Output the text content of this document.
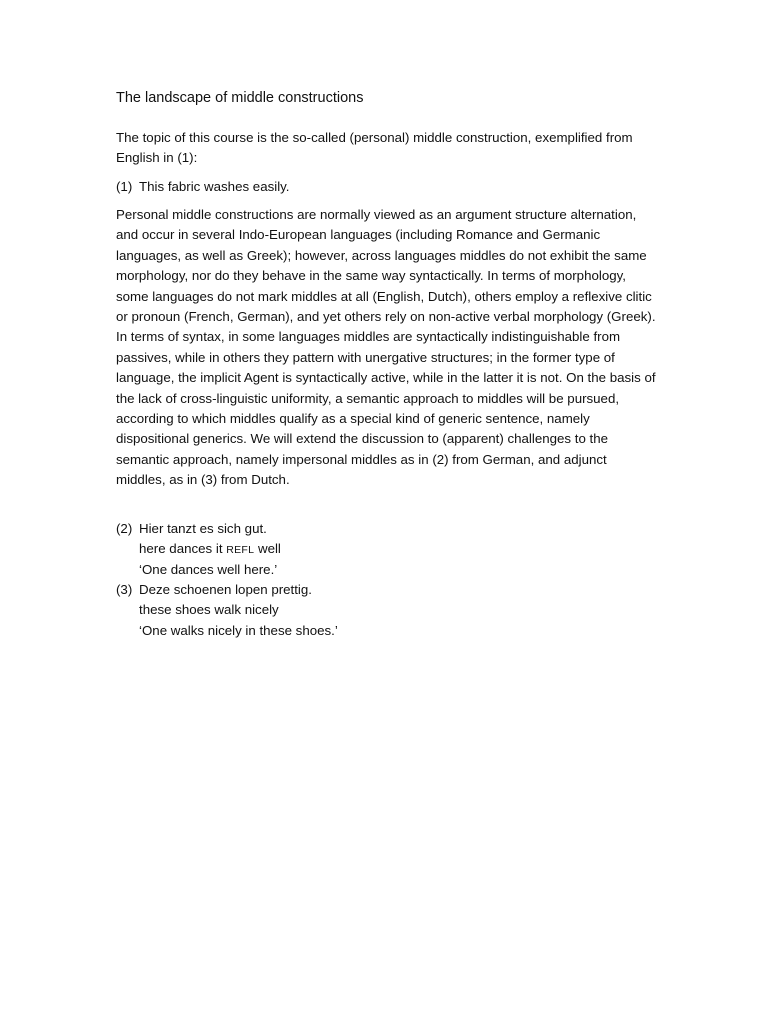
The landscape of middle constructions

The topic of this course is the so-called (personal) middle construction, exemplified from English in (1):

(1) This fabric washes easily.

Personal middle constructions are normally viewed as an argument structure alternation, and occur in several Indo-European languages (including Romance and Germanic languages, as well as Greek); however, across languages middles do not exhibit the same morphology, nor do they behave in the same way syntactically. In terms of morphology, some languages do not mark middles at all (English, Dutch), others employ a reflexive clitic or pronoun (French, German), and yet others rely on non-active verbal morphology (Greek). In terms of syntax, in some languages middles are syntactically indistinguishable from passives, while in others they pattern with unergative structures; in the former type of language, the implicit Agent is syntactically active, while in the latter it is not. On the basis of the lack of cross-linguistic uniformity, a semantic approach to middles will be pursued, according to which middles qualify as a special kind of generic sentence, namely dispositional generics. We will extend the discussion to (apparent) challenges to the semantic approach, namely impersonal middles as in (2) from German, and adjunct middles, as in (3) from Dutch.

(2) Hier tanzt es sich gut.
here dances it REFL well
‘One dances well here.’
(3) Deze schoenen lopen prettig.
these shoes walk nicely
‘One walks nicely in these shoes.’
